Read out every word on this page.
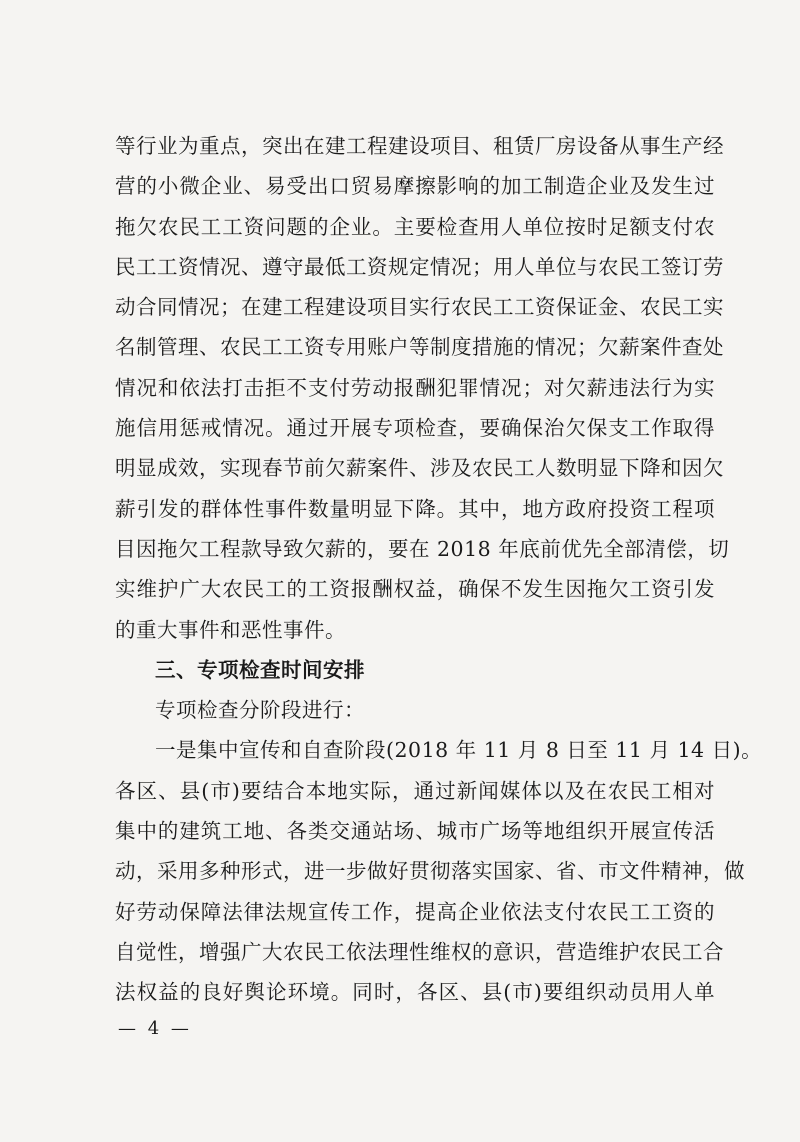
等行业为重点，突出在建工程建设项目、租赁厂房设备从事生产经
营的小微企业、易受出口贸易摩擦影响的加工制造企业及发生过
拖欠农民工工资问题的企业。主要检查用人单位按时足额支付农
民工工资情况、遵守最低工资规定情况；用人单位与农民工签订劳
动合同情况；在建工程建设项目实行农民工工资保证金、农民工实
名制管理、农民工工资专用账户等制度措施的情况；欠薪案件查处
情况和依法打击拒不支付劳动报酬犯罪情况；对欠薪违法行为实
施信用惩戒情况。通过开展专项检查，要确保治欠保支工作取得
明显成效，实现春节前欠薪案件、涉及农民工人数明显下降和因欠
薪引发的群体性事件数量明显下降。其中，地方政府投资工程项
目因拖欠工程款导致欠薪的，要在 2018 年底前优先全部清偿，切
实维护广大农民工的工资报酬权益，确保不发生因拖欠工资引发
的重大事件和恶性事件。
三、专项检查时间安排
专项检查分阶段进行：
一是集中宣传和自查阶段(2018 年 11 月 8 日至 11 月 14 日)。
各区、县(市)要结合本地实际，通过新闻媒体以及在农民工相对
集中的建筑工地、各类交通站场、城市广场等地组织开展宣传活
动，采用多种形式，进一步做好贯彻落实国家、省、市文件精神，做
好劳动保障法律法规宣传工作，提高企业依法支付农民工工资的
自觉性，增强广大农民工依法理性维权的意识，营造维护农民工合
法权益的良好舆论环境。同时，各区、县(市)要组织动员用人单
— 4 —
